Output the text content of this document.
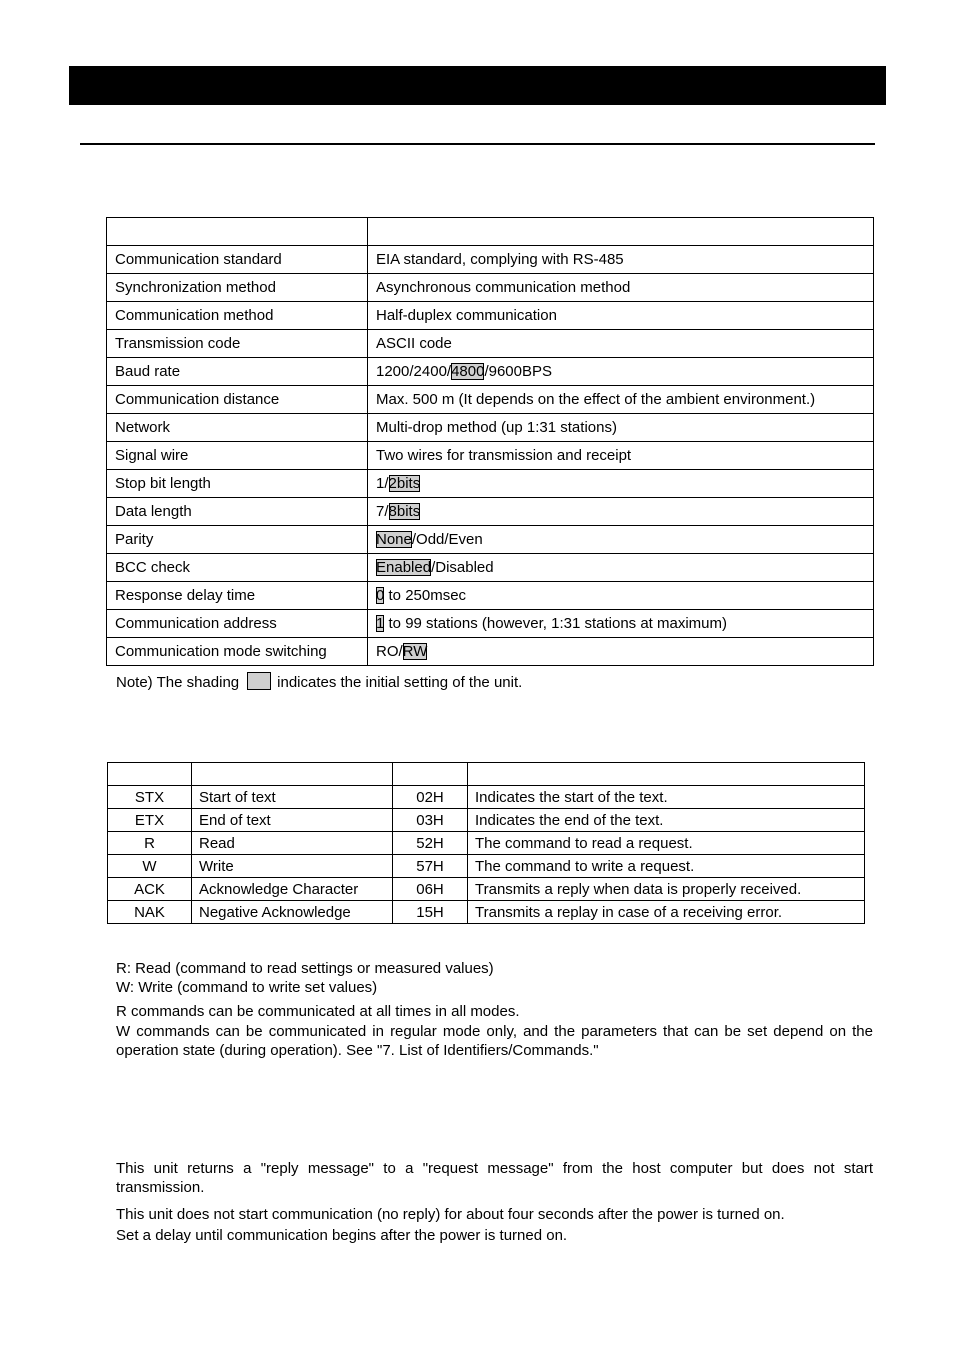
Communication standard	EIA standard, complying with RS-485
Synchronization method	Asynchronous communication method
Communication method	Half-duplex communication
Transmission code	ASCII code
Baud rate	1200/2400/4800/9600BPS
Communication distance	Max. 500 m (It depends on the effect of the ambient environment.)
Network	Multi-drop method (up 1:31 stations)
Signal wire	Two wires for transmission and receipt
Stop bit length	1/2bits
Data length	7/8bits
Parity	None/Odd/Even
BCC check	Enabled/Disabled
Response delay time	0 to 250msec
Communication address	1 to 99 stations (however, 1:31 stations at maximum)
Communication mode switching	RO/RW
Note) The shading	indicates the initial setting of the unit.

STX	Start of text	02H	Indicates the start of the text.
ETX	End of text	03H	Indicates the end of the text.
R	Read	52H	The command to read a request.
W	Write	57H	The command to write a request.
ACK	Acknowledge Character	06H	Transmits a reply when data is properly received.
NAK	Negative Acknowledge	15H	Transmits a replay in case of a receiving error.
R: Read (command to read settings or measured values)
W: Write (command to write set values)
R commands can be communicated at all times in all modes.
W commands can be communicated in regular mode only, and the parameters that can be set depend on the operation state (during operation). See "7. List of Identifiers/Commands."
This unit returns a "reply message" to a "request message" from the host computer but does not start transmission.
This unit does not start communication (no reply) for about four seconds after the power is turned on.
Set a delay until communication begins after the power is turned on.
